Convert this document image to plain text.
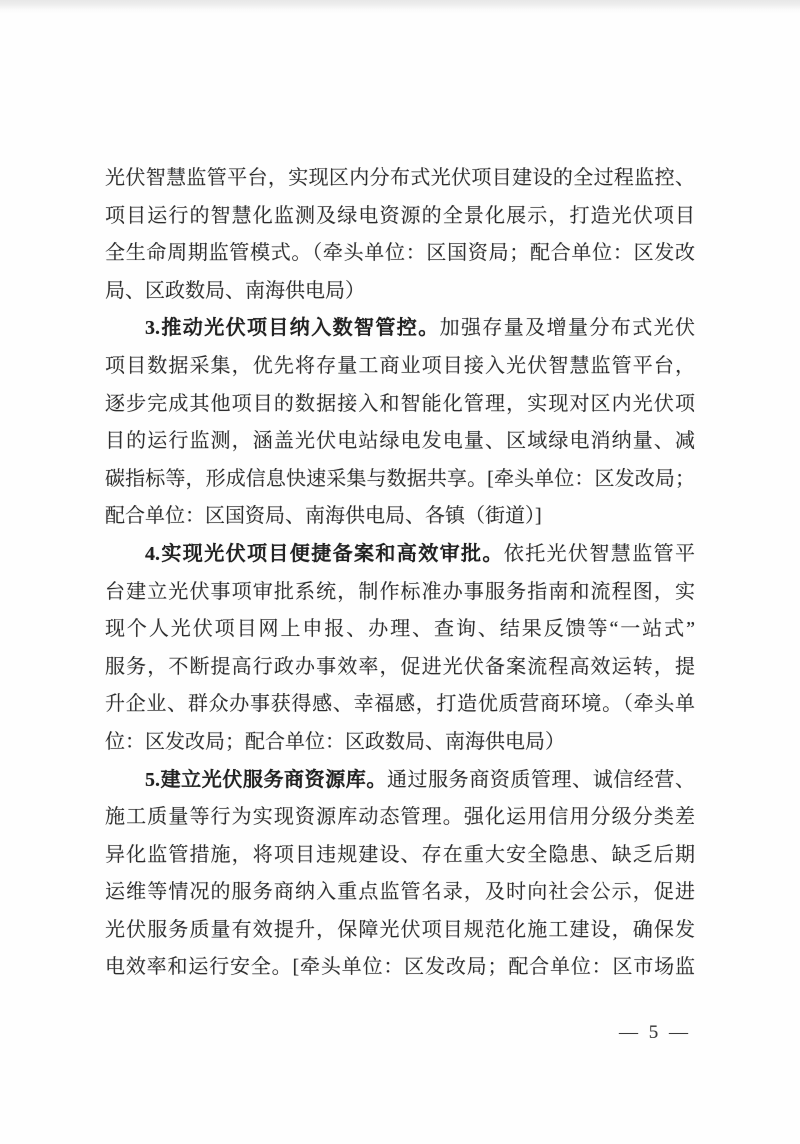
光伏智慧监管平台，实现区内分布式光伏项目建设的全过程监控、
项目运行的智慧化监测及绿电资源的全景化展示，打造光伏项目
全生命周期监管模式。（牵头单位：区国资局；配合单位：区发改
局、区政数局、南海供电局）
3.推动光伏项目纳入数智管控。加强存量及增量分布式光伏
项目数据采集，优先将存量工商业项目接入光伏智慧监管平台，
逐步完成其他项目的数据接入和智能化管理，实现对区内光伏项
目的运行监测，涵盖光伏电站绿电发电量、区域绿电消纳量、减
碳指标等，形成信息快速采集与数据共享。[牵头单位：区发改局；
配合单位：区国资局、南海供电局、各镇（街道）]
4.实现光伏项目便捷备案和高效审批。依托光伏智慧监管平
台建立光伏事项审批系统，制作标准办事服务指南和流程图，实
现个人光伏项目网上申报、办理、查询、结果反馈等“一站式”
服务，不断提高行政办事效率，促进光伏备案流程高效运转，提
升企业、群众办事获得感、幸福感，打造优质营商环境。（牵头单
位：区发改局；配合单位：区政数局、南海供电局）
5.建立光伏服务商资源库。通过服务商资质管理、诚信经营、
施工质量等行为实现资源库动态管理。强化运用信用分级分类差
异化监管措施，将项目违规建设、存在重大安全隐患、缺乏后期
运维等情况的服务商纳入重点监管名录，及时向社会公示，促进
光伏服务质量有效提升，保障光伏项目规范化施工建设，确保发
电效率和运行安全。[牵头单位：区发改局；配合单位：区市场监
— 5 —
